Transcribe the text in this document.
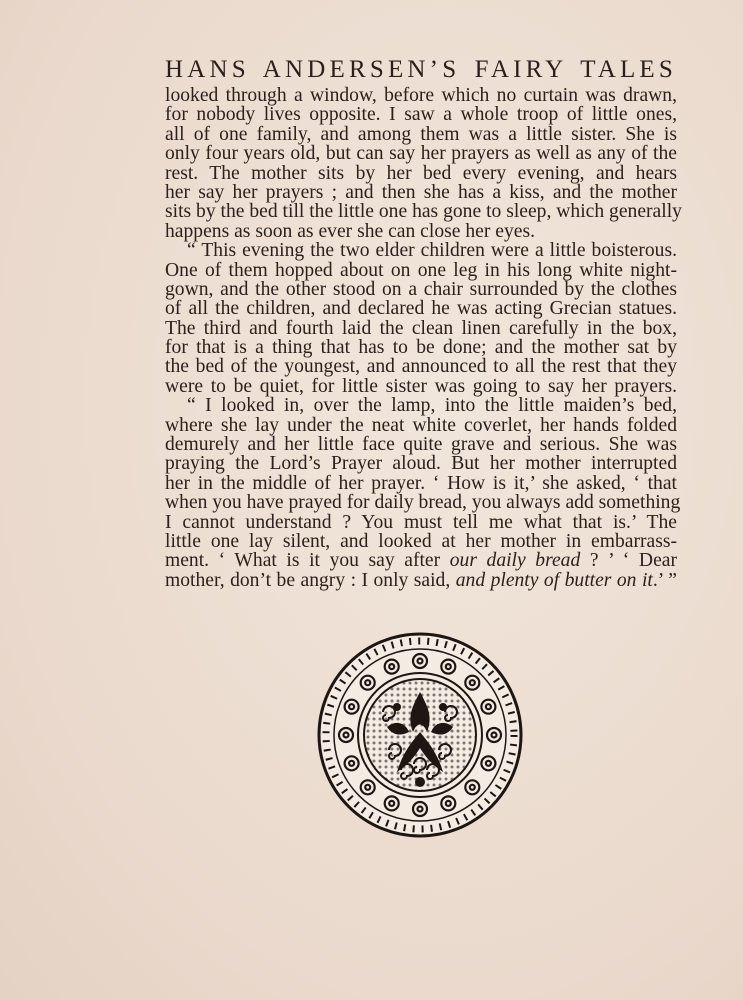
HANS ANDERSEN’S FAIRY TALES
looked through a window, before which no curtain was drawn,
for nobody lives opposite. I saw a whole troop of little ones,
all of one family, and among them was a little sister. She is
only four years old, but can say her prayers as well as any of the
rest. The mother sits by her bed every evening, and hears
her say her prayers ; and then she has a kiss, and the mother
sits by the bed till the little one has gone to sleep, which generally
happens as soon as ever she can close her eyes.
“ This evening the two elder children were a little boisterous.
One of them hopped about on one leg in his long white night-
gown, and the other stood on a chair surrounded by the clothes
of all the children, and declared he was acting Grecian statues.
The third and fourth laid the clean linen carefully in the box,
for that is a thing that has to be done; and the mother sat by
the bed of the youngest, and announced to all the rest that they
were to be quiet, for little sister was going to say her prayers.
“ I looked in, over the lamp, into the little maiden’s bed,
where she lay under the neat white coverlet, her hands folded
demurely and her little face quite grave and serious. She was
praying the Lord’s Prayer aloud. But her mother interrupted
her in the middle of her prayer. ‘ How is it,’ she asked, ‘ that
when you have prayed for daily bread, you always add something
I cannot understand ? You must tell me what that is.’ The
little one lay silent, and looked at her mother in embarrass-
ment. ‘ What is it you say after our daily bread ? ’ ‘ Dear
mother, don’t be angry : I only said, and plenty of butter on it.’ ”
